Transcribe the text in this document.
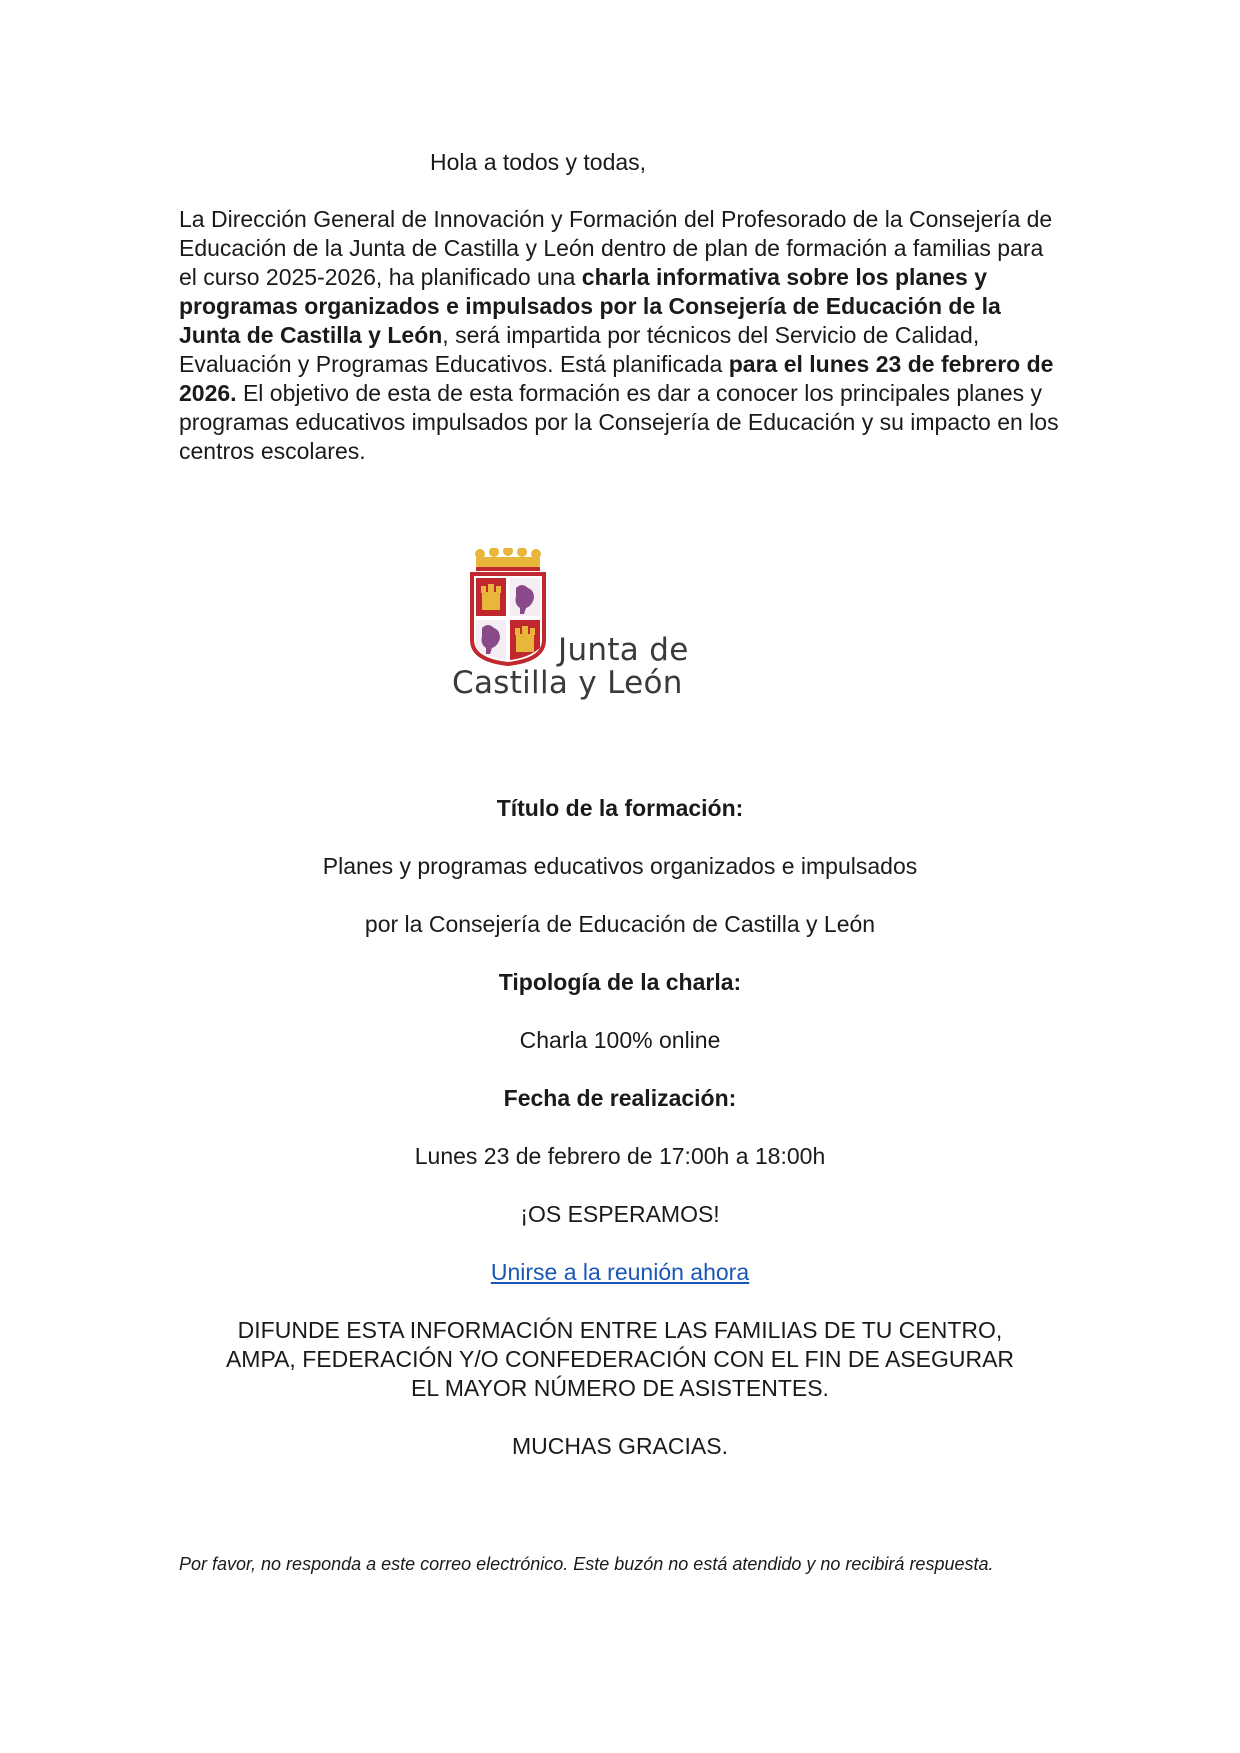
Hola a todos y todas,

La Dirección General de Innovación y Formación del Profesorado de la Consejería de Educación de la Junta de Castilla y León dentro de plan de formación a familias para el curso 2025-2026, ha planificado una charla informativa sobre los planes y programas organizados e impulsados por la Consejería de Educación de la Junta de Castilla y León, será impartida por técnicos del Servicio de Calidad, Evaluación y Programas Educativos. Está planificada para el lunes 23 de febrero de 2026. El objetivo de esta de esta formación es dar a conocer los principales planes y programas educativos impulsados por la Consejería de Educación y su impacto en los centros escolares.

Junta de
Castilla y León

Título de la formación:

Planes y programas educativos organizados e impulsados

por la Consejería de Educación de Castilla y León

Tipología de la charla:

Charla 100% online

Fecha de realización:

Lunes 23 de febrero de 17:00h a 18:00h

¡OS ESPERAMOS!

Unirse a la reunión ahora

DIFUNDE ESTA INFORMACIÓN ENTRE LAS FAMILIAS DE TU CENTRO,

AMPA, FEDERACIÓN Y/O CONFEDERACIÓN CON EL FIN DE ASEGURAR

EL MAYOR NÚMERO DE ASISTENTES.

MUCHAS GRACIAS.

Por favor, no responda a este correo electrónico. Este buzón no está atendido y no recibirá respuesta.
